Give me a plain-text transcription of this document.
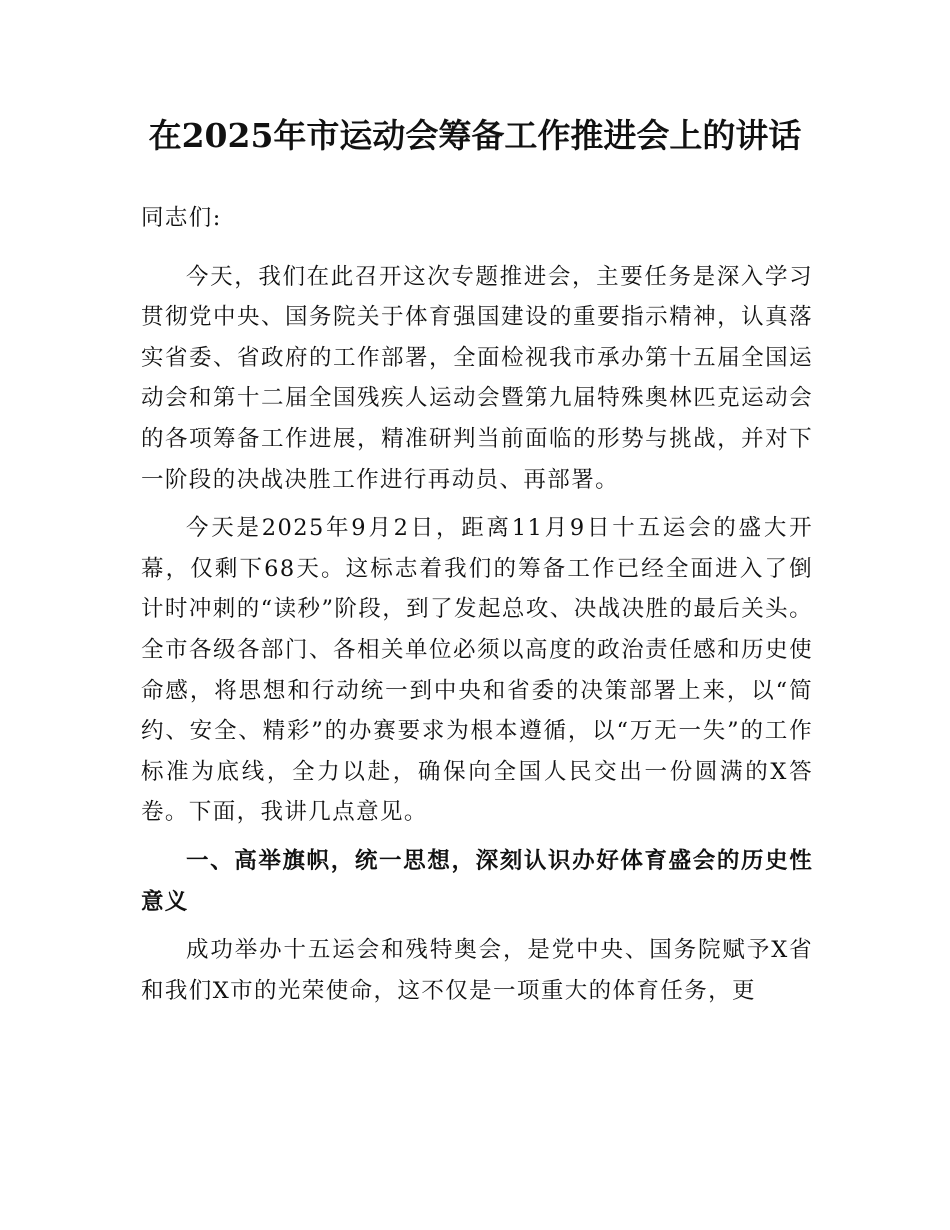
在2025年市运动会筹备工作推进会上的讲话

同志们:

今天，我们在此召开这次专题推进会，主要任务是深入学习贯彻党中央、国务院关于体育强国建设的重要指示精神，认真落实省委、省政府的工作部署，全面检视我市承办第十五届全国运动会和第十二届全国残疾人运动会暨第九届特殊奥林匹克运动会的各项筹备工作进展，精准研判当前面临的形势与挑战，并对下一阶段的决战决胜工作进行再动员、再部署。

今天是2025年9月2日，距离11月9日十五运会的盛大开幕，仅剩下68天。这标志着我们的筹备工作已经全面进入了倒计时冲刺的“读秒”阶段，到了发起总攻、决战决胜的最后关头。全市各级各部门、各相关单位必须以高度的政治责任感和历史使命感，将思想和行动统一到中央和省委的决策部署上来，以“简约、安全、精彩”的办赛要求为根本遵循，以“万无一失”的工作标准为底线，全力以赴，确保向全国人民交出一份圆满的X答卷。下面，我讲几点意见。

一、高举旗帜，统一思想，深刻认识办好体育盛会的历史性意义

成功举办十五运会和残特奥会，是党中央、国务院赋予X省和我们X市的光荣使命，这不仅是一项重大的体育任务，更
